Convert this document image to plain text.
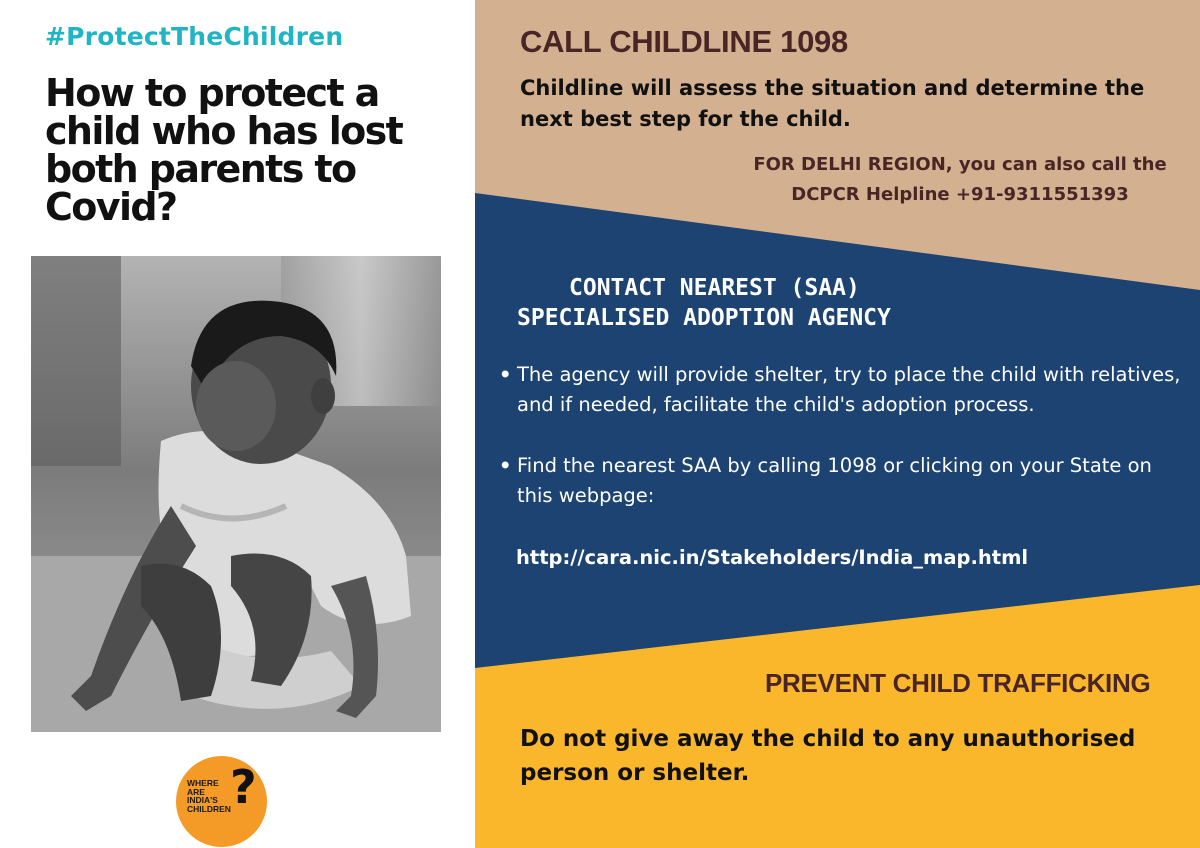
#ProtectTheChildren
How to protect a
child who has lost
both parents to
Covid?
WHERE
ARE
INDIA'S
CHILDREN ?
CALL CHILDLINE 1098
Childline will assess the situation and determine the next best step for the child.
FOR DELHI REGION, you can also call the DCPCR Helpline +91-9311551393
CONTACT NEAREST (SAA)
SPECIALISED ADOPTION AGENCY
• The agency will provide shelter, try to place the child with relatives, and if needed, facilitate the child's adoption process.
• Find the nearest SAA by calling 1098 or clicking on your State on this webpage:
http://cara.nic.in/Stakeholders/India_map.html
PREVENT CHILD TRAFFICKING
Do not give away the child to any unauthorised person or shelter.
